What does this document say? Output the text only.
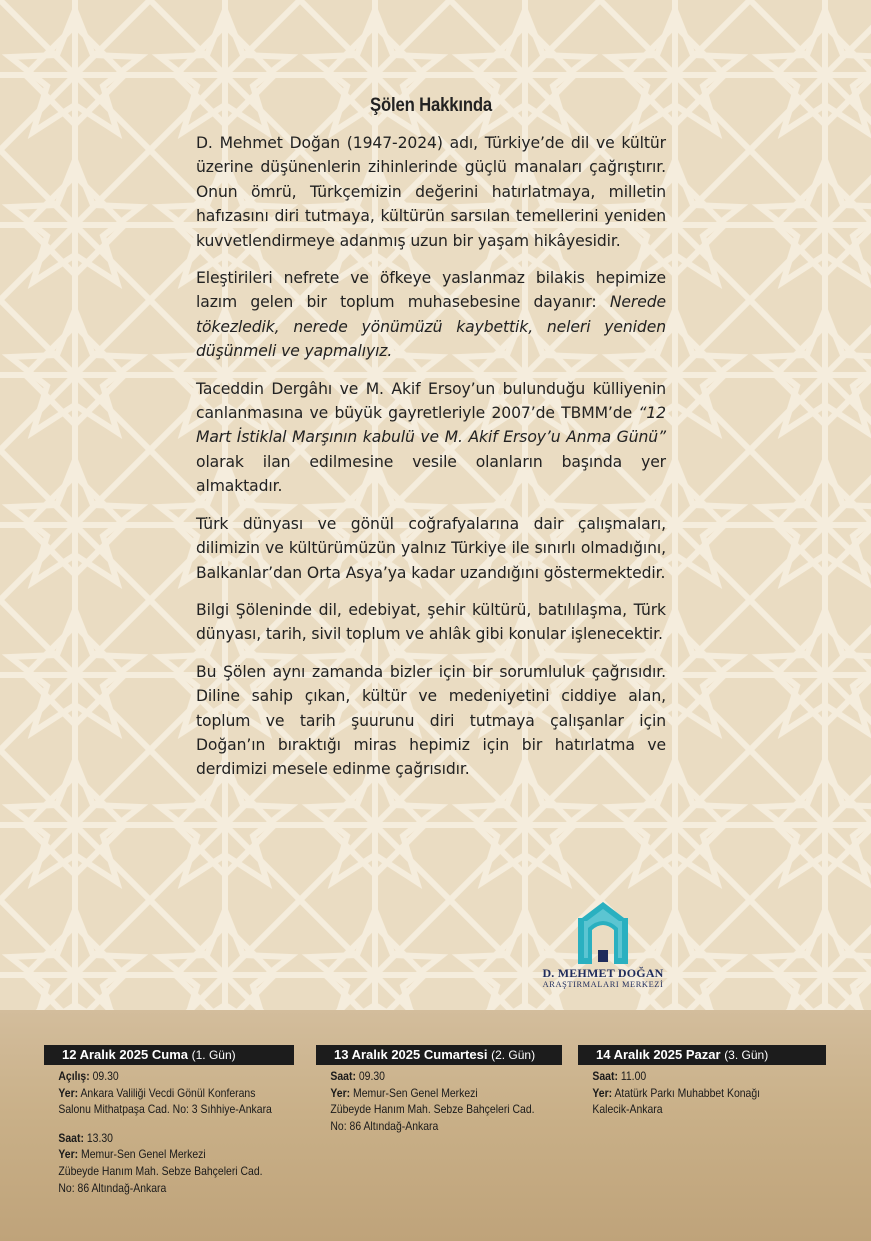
Şölen Hakkında

D. Mehmet Doğan (1947-2024) adı, Türkiye’de dil ve kültür üzerine düşünenlerin zihinlerinde güçlü manaları çağrıştırır. Onun ömrü, Türkçemizin değerini hatırlatmaya, milletin hafızasını diri tutmaya, kültürün sarsılan temellerini yeniden kuvvetlendirmeye adanmış uzun bir yaşam hikâyesidir.

Eleştirileri nefrete ve öfkeye yaslanmaz bilakis hepimize lazım gelen bir toplum muhasebesine dayanır: Nerede tökezledik, nerede yönümüzü kaybettik, neleri yeniden düşünmeli ve yapmalıyız.

Taceddin Dergâhı ve M. Akif Ersoy’un bulunduğu külliyenin canlanmasına ve büyük gayretleriyle 2007’de TBMM’de “12 Mart İstiklal Marşının kabulü ve M. Akif Ersoy’u Anma Günü” olarak ilan edilmesine vesile olanların başında yer almaktadır.

Türk dünyası ve gönül coğrafyalarına dair çalışmaları, dilimizin ve kültürümüzün yalnız Türkiye ile sınırlı olmadığını, Balkanlar’dan Orta Asya’ya kadar uzandığını göstermektedir.

Bilgi Şöleninde dil, edebiyat, şehir kültürü, batılılaşma, Türk dünyası, tarih, sivil toplum ve ahlâk gibi konular işlenecektir.

Bu Şölen aynı zamanda bizler için bir sorumluluk çağrısıdır. Diline sahip çıkan, kültür ve medeniyetini ciddiye alan, toplum ve tarih şuurunu diri tutmaya çalışanlar için Doğan’ın bıraktığı miras hepimiz için bir hatırlatma ve derdimizi mesele edinme çağrısıdır.

D. MEHMET DOĞAN
ARAŞTIRMALARI MERKEZİ
12 Aralık 2025 Cuma (1. Gün)
Açılış: 09.30
Yer: Ankara Valiliği Vecdi Gönül Konferans
Salonu Mithatpaşa Cad. No: 3 Sıhhiye-Ankara
Saat: 13.30
Yer: Memur-Sen Genel Merkezi
Zübeyde Hanım Mah. Sebze Bahçeleri Cad.
No: 86 Altındağ-Ankara
13 Aralık 2025 Cumartesi (2. Gün)
Saat: 09.30
Yer: Memur-Sen Genel Merkezi
Zübeyde Hanım Mah. Sebze Bahçeleri Cad.
No: 86 Altındağ-Ankara
14 Aralık 2025 Pazar (3. Gün)
Saat: 11.00
Yer: Atatürk Parkı Muhabbet Konağı
Kalecik-Ankara
